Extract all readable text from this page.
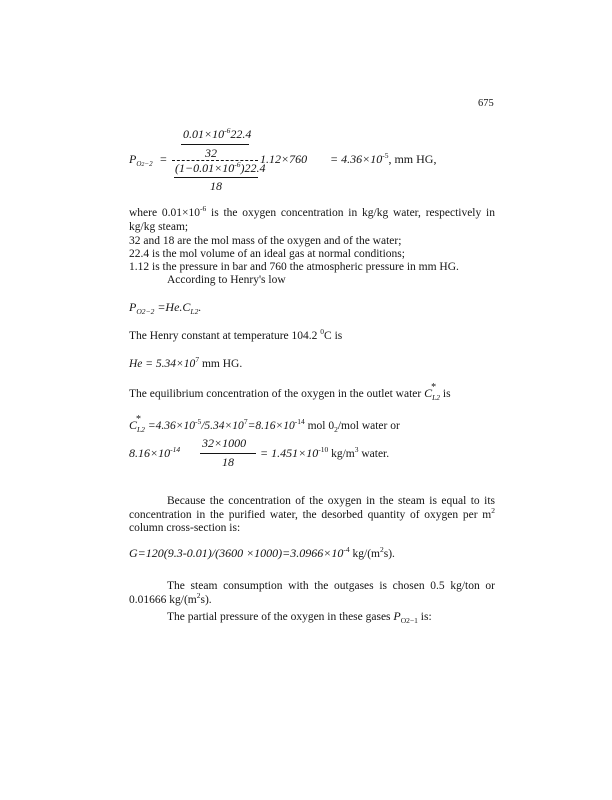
675
$0.01\times 10^{-6}22.4$
32
$P_{O2-2}$ =	$1.12\times 760 = 4.36\times 10^{-5}$, mm HG,
$(1-0.01\times 10^{-6})22.4$
18
where $0.01\times 10^{-6}$ is the oxygen concentration in kg/kg water, respectively in kg/kg steam;
32 and 18 are the mol mass of the oxygen and of the water;
22.4 is the mol volume of an ideal gas at normal conditions;
1.12 is the pressure in bar and 760 the atmospheric pressure in mm HG.
According to Henry's low
$P_{O2-2} =He.C_{L2}$.
The Henry constant at temperature 104.2 $^0$C is
$He = 5.34\times 10^7$ mm HG.
The equilibrium concentration of the oxygen in the outlet water C
*
$_{L2}$ is
C
*
$_{L2} =4.36\times 10^{-5}/5.34\times 10^7=8.16\times 10^{-14}$ mol $0_2$/mol water or
$8.16\times 10^{-14}$ 32×1000
18
= $1.451\times 10^{-10}$ $kg/m^3$ water.
Because the concentration of the oxygen in the steam is equal to its concentration in the purified water, the desorbed quantity of oxygen per $m^2$ column cross-section is:
$G=120(9.3-0.01)/(3600 \times 1000)=3.0966\times 10^{-4}$ $kg/(m^2s)$.
The steam consumption with the outgases is chosen 0.5 kg/ton or 0.01666 $kg/(m^2s)$.
The partial pressure of the oxygen in these gases $P_{O2-1}$ is:
